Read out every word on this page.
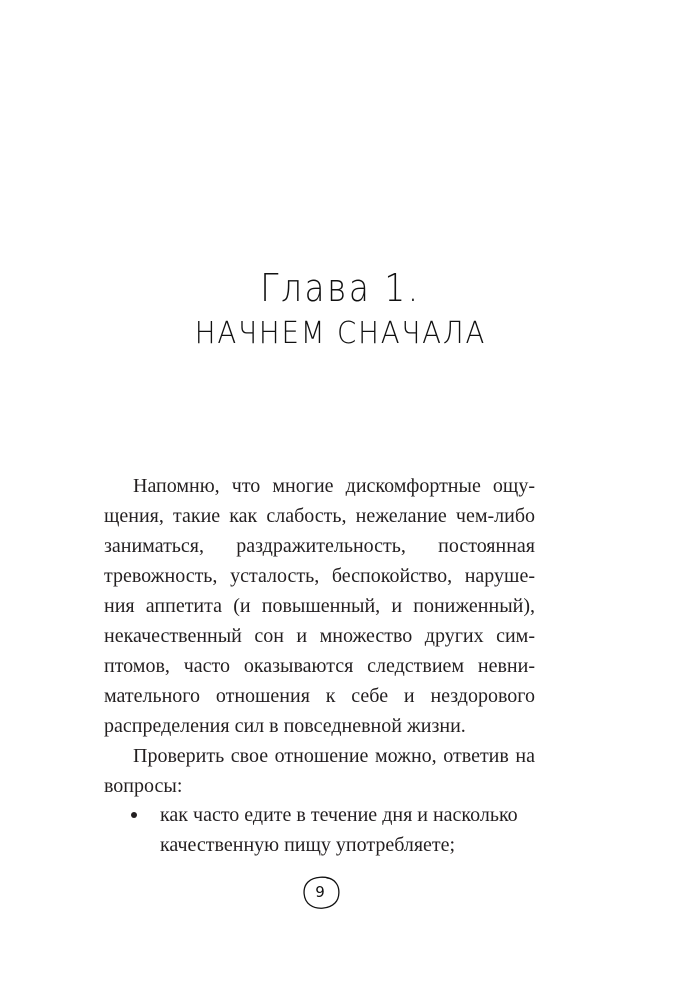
Глава 1.
НАЧНЕМ СНАЧАЛА

Напомню, что многие дискомфортные ощущения, такие как слабость, нежелание чем-либо заниматься, раздражительность, постоянная тревожность, усталость, беспокойство, нарушения аппетита (и повышенный, и пониженный), некачественный сон и множество других симптомов, часто оказываются следствием невнимательного отношения к себе и нездорового распределения сил в повседневной жизни.

Проверить свое отношение можно, ответив на вопросы:

как часто едите в течение дня и насколько качественную пищу употребляете;
9
